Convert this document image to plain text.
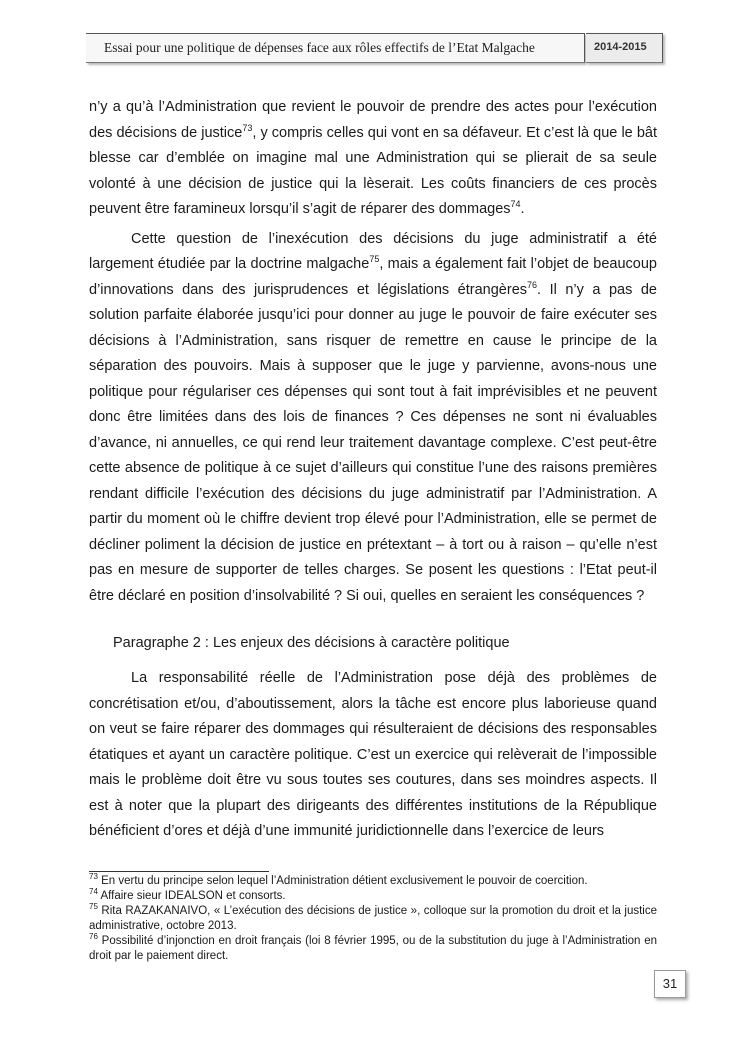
Essai pour une politique de dépenses face aux rôles effectifs de l’Etat Malgache	2014-2015

n’y a qu’à l’Administration que revient le pouvoir de prendre des actes pour l’exécution des décisions de justice$^{73}$, y compris celles qui vont en sa défaveur. Et c’est là que le bât blesse car d’emblée on imagine mal une Administration qui se plierait de sa seule volonté à une décision de justice qui la lèserait. Les coûts financiers de ces procès peuvent être faramineux lorsqu’il s’agit de réparer des dommages$^{74}$.

Cette question de l’inexécution des décisions du juge administratif a été largement étudiée par la doctrine malgache$^{75}$, mais a également fait l’objet de beaucoup d’innovations dans des jurisprudences et législations étrangères$^{76}$. Il n’y a pas de solution parfaite élaborée jusqu’ici pour donner au juge le pouvoir de faire exécuter ses décisions à l’Administration, sans risquer de remettre en cause le principe de la séparation des pouvoirs. Mais à supposer que le juge y parvienne, avons-nous une politique pour régulariser ces dépenses qui sont tout à fait imprévisibles et ne peuvent donc être limitées dans des lois de finances ? Ces dépenses ne sont ni évaluables d’avance, ni annuelles, ce qui rend leur traitement davantage complexe. C’est peut-être cette absence de politique à ce sujet d’ailleurs qui constitue l’une des raisons premières rendant difficile l’exécution des décisions du juge administratif par l’Administration. A partir du moment où le chiffre devient trop élevé pour l’Administration, elle se permet de décliner poliment la décision de justice en prétextant – à tort ou à raison – qu’elle n’est pas en mesure de supporter de telles charges. Se posent les questions : l’Etat peut-il être déclaré en position d’insolvabilité ? Si oui, quelles en seraient les conséquences ?

Paragraphe 2 : Les enjeux des décisions à caractère politique

La responsabilité réelle de l’Administration pose déjà des problèmes de concrétisation et/ou, d’aboutissement, alors la tâche est encore plus laborieuse quand on veut se faire réparer des dommages qui résulteraient de décisions des responsables étatiques et ayant un caractère politique. C’est un exercice qui relèverait de l’impossible mais le problème doit être vu sous toutes ses coutures, dans ses moindres aspects. Il est à noter que la plupart des dirigeants des différentes institutions de la République bénéficient d’ores et déjà d’une immunité juridictionnelle dans l’exercice de leurs

$^{73}$ En vertu du principe selon lequel l’Administration détient exclusivement le pouvoir de coercition.

$^{74}$ Affaire sieur IDEALSON et consorts.

$^{75}$ Rita RAZAKANAIVO, « L’exécution des décisions de justice », colloque sur la promotion du droit et la justice administrative, octobre 2013.

$^{76}$ Possibilité d’injonction en droit français (loi 8 février 1995, ou de la substitution du juge à l’Administration en droit par le paiement direct.

31
